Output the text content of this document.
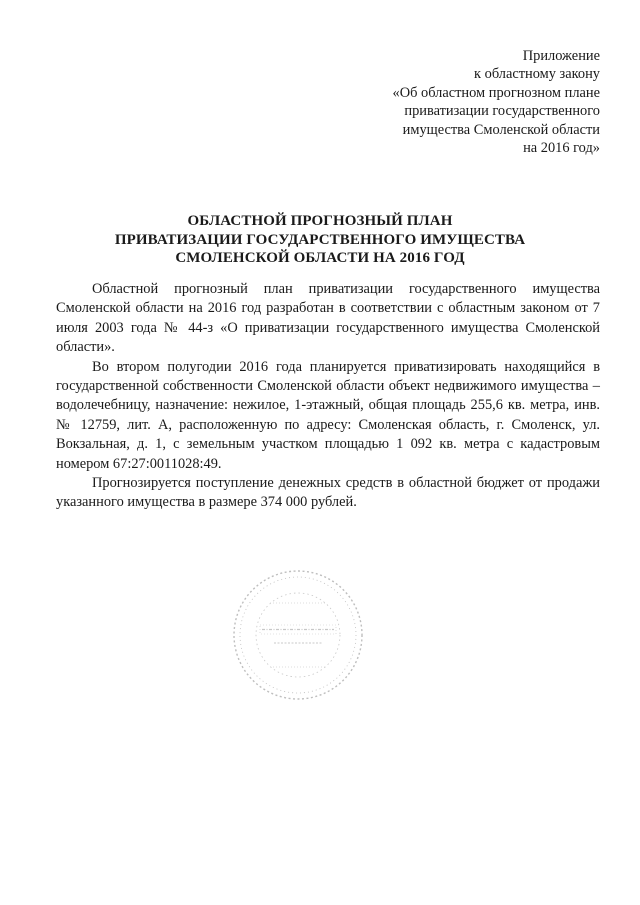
Приложение
к областному закону
«Об областном прогнозном плане
приватизации государственного
имущества Смоленской области
на 2016 год»
ОБЛАСТНОЙ ПРОГНОЗНЫЙ ПЛАН
ПРИВАТИЗАЦИИ ГОСУДАРСТВЕННОГО ИМУЩЕСТВА
СМОЛЕНСКОЙ ОБЛАСТИ НА 2016 ГОД

Областной прогнозный план приватизации государственного имущества Смоленской области на 2016 год разработан в соответствии с областным законом от 7 июля 2003 года № 44-з «О приватизации государственного имущества Смоленской области».

Во втором полугодии 2016 года планируется приватизировать находящийся в государственной собственности Смоленской области объект недвижимого имущества – водолечебницу, назначение: нежилое, 1-этажный, общая площадь 255,6 кв. метра, инв. № 12759, лит. А, расположенную по адресу: Смоленская область, г. Смоленск, ул. Вокзальная, д. 1, с земельным участком площадью 1 092 кв. метра с кадастровым номером 67:27:0011028:49.

Прогнозируется поступление денежных средств в областной бюджет от продажи указанного имущества в размере 374 000 рублей.
